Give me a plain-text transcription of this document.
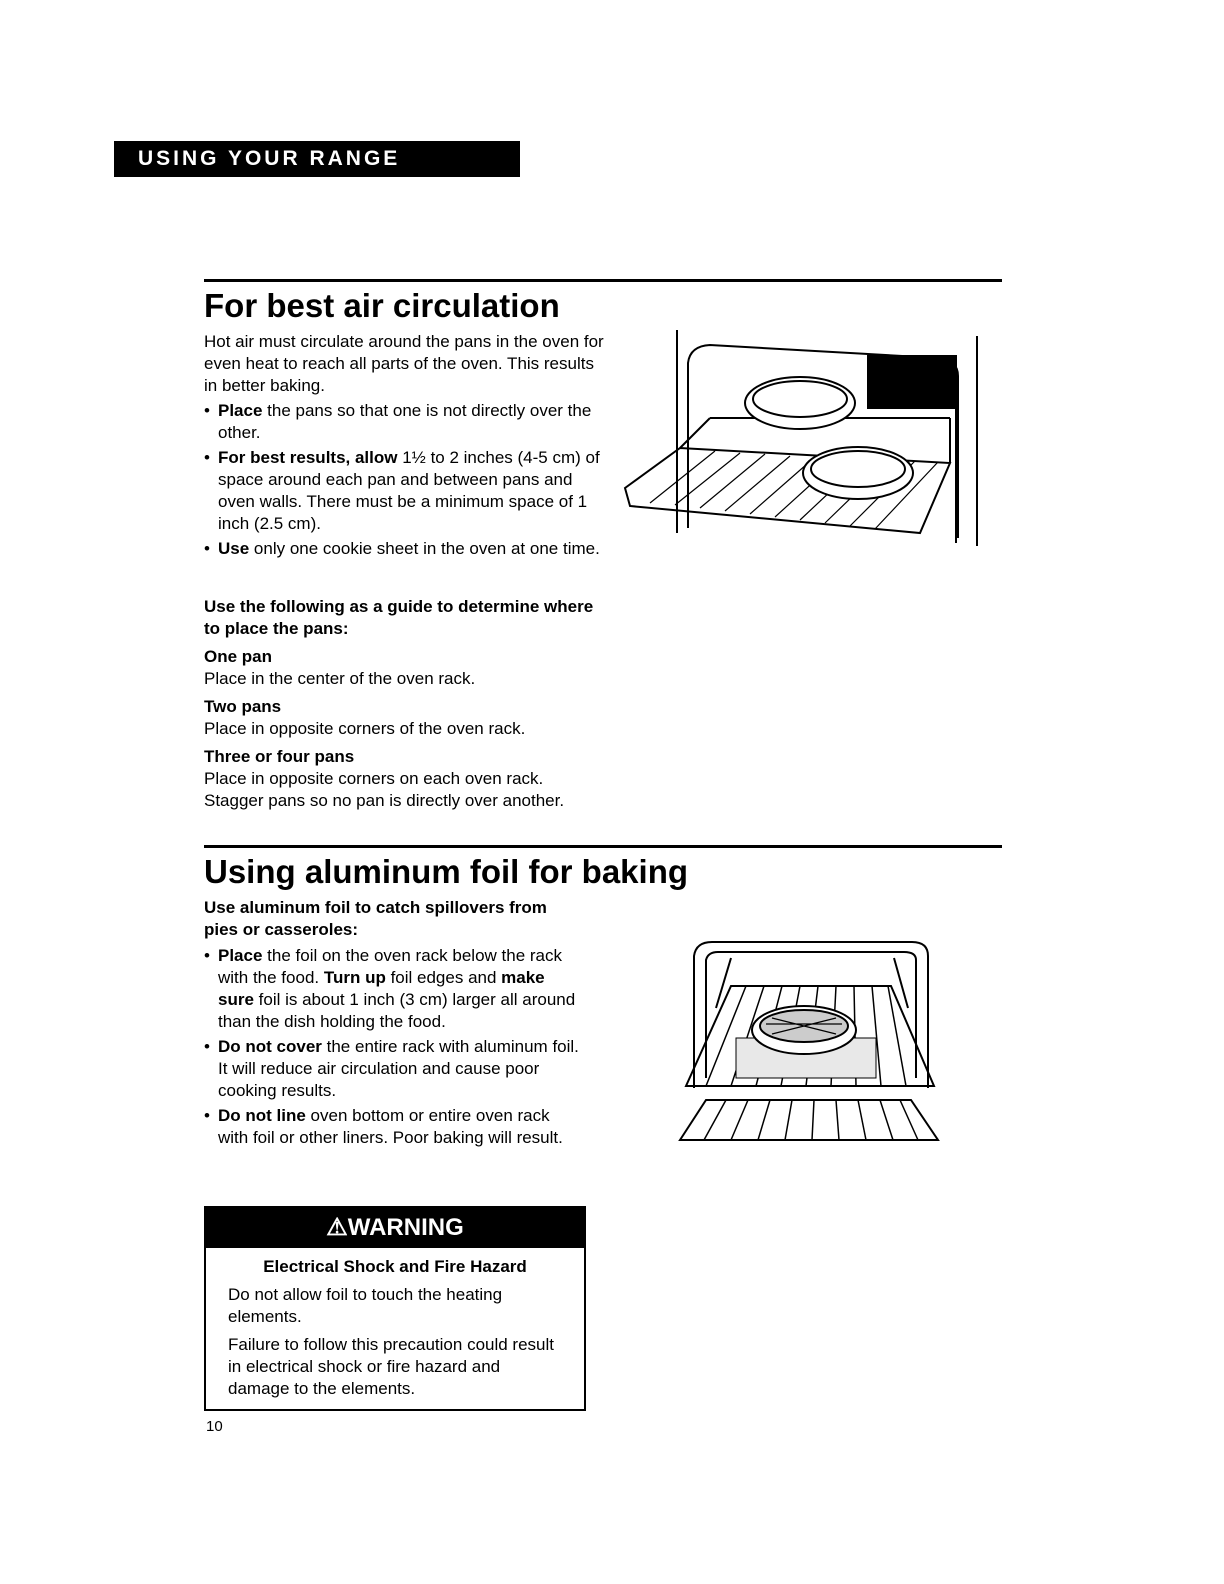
USING YOUR RANGE
For best air circulation

Hot air must circulate around the pans in the oven for even heat to reach all parts of the oven. This results in better baking.

• Place the pans so that one is not directly over the other.
• For best results, allow 1½ to 2 inches (4-5 cm) of space around each pan and between pans and oven walls. There must be a minimum space of 1 inch (2.5 cm).
• Use only one cookie sheet in the oven at one time.

Use the following as a guide to determine where to place the pans:

One pan

Place in the center of the oven rack.

Two pans

Place in opposite corners of the oven rack.

Three or four pans

Place in opposite corners on each oven rack. Stagger pans so no pan is directly over another.

Using aluminum foil for baking

Use aluminum foil to catch spillovers from pies or casseroles:

• Place the foil on the oven rack below the rack with the food. Turn up foil edges and make sure foil is about 1 inch (3 cm) larger all around than the dish holding the food.
• Do not cover the entire rack with aluminum foil. It will reduce air circulation and cause poor cooking results.
• Do not line oven bottom or entire oven rack with foil or other liners. Poor baking will result.
⚠WARNING

Electrical Shock and Fire Hazard

Do not allow foil to touch the heating elements.

Failure to follow this precaution could result in electrical shock or fire hazard and damage to the elements.

10
